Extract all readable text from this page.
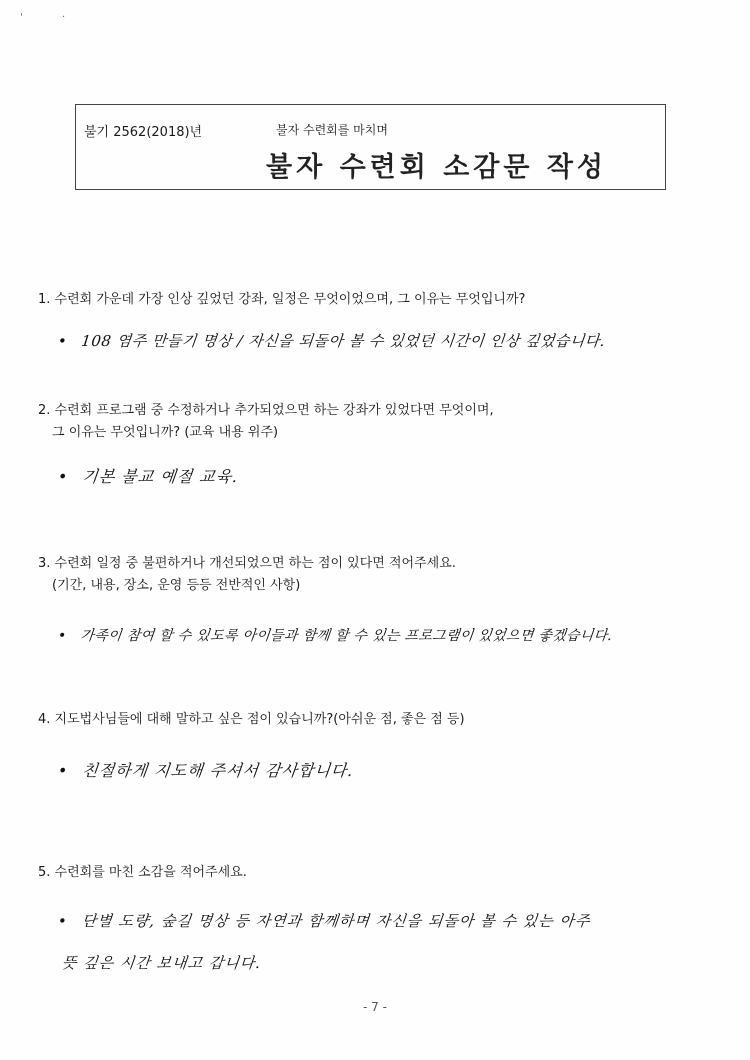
'	·
불기 2562(2018)년	불자 수련회를 마치며
불자 수련회 소감문 작성
1. 수련회 가운데 가장 인상 깊었던 강좌, 일정은 무엇이었으며, 그 이유는 무엇입니까?
• 108 염주 만들기 명상 / 자신을 되돌아 볼 수 있었던 시간이 인상 깊었습니다.
2. 수련회 프로그램 중 수정하거나 추가되었으면 하는 강좌가 있었다면 무엇이며,
그 이유는 무엇입니까? (교육 내용 위주)
• 기본 불교 예절 교육.
3. 수련회 일정 중 불편하거나 개선되었으면 하는 점이 있다면 적어주세요.
(기간, 내용, 장소, 운영 등등 전반적인 사항)
• 가족이 참여 할 수 있도록 아이들과 함께 할 수 있는 프로그램이 있었으면 좋겠습니다.
4. 지도법사님들에 대해 말하고 싶은 점이 있습니까?(아쉬운 점, 좋은 점 등)
• 친절하게 지도해 주셔서 감사합니다.
5. 수련회를 마친 소감을 적어주세요.
• 단별 도량, 숲길 명상 등 자연과 함께하며 자신을 되돌아 볼 수 있는 아주
뜻 깊은 시간 보내고 갑니다.
- 7 -
